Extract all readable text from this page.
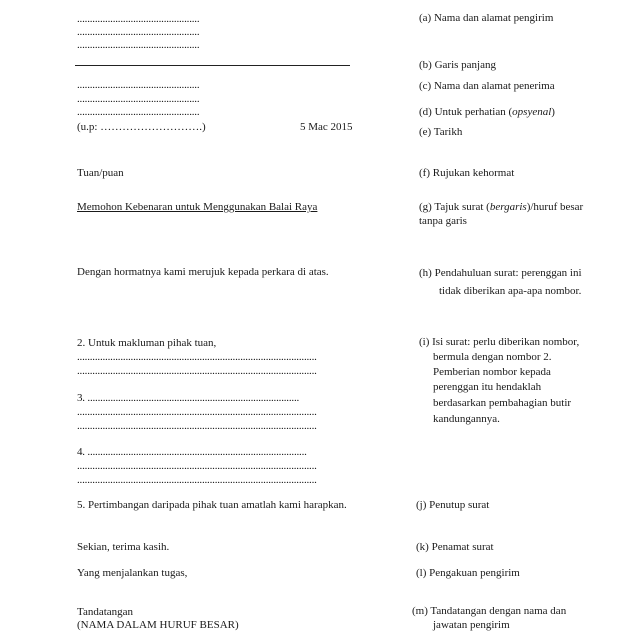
................................................
................................................
................................................
................................................
................................................
................................................
(u.p: ……………………….)	5 Mac 2015
Tuan/puan
Memohon Kebenaran untuk Menggunakan Balai Raya
Dengan hormatnya kami merujuk kepada perkara di atas.
2. Untuk makluman pihak tuan,
..............................................................................................
..............................................................................................
3. ...................................................................................
..............................................................................................
..............................................................................................
4. ......................................................................................
..............................................................................................
..............................................................................................
5. Pertimbangan daripada pihak tuan amatlah kami harapkan.
Sekian, terima kasih.
Yang menjalankan tugas,
Tandatangan
(NAMA DALAM HURUF BESAR)
(a) Nama dan alamat pengirim
(b) Garis panjang
(c) Nama dan alamat penerima
(d) Untuk perhatian (opsyenal)
(e) Tarikh
(f) Rujukan kehormat
(g) Tajuk surat (bergaris)/huruf besar
tanpa garis
(h) Pendahuluan surat: perenggan ini
tidak diberikan apa-apa nombor.
(i) Isi surat: perlu diberikan nombor,
bermula dengan nombor 2.
Pemberian nombor kepada
perenggan itu hendaklah
berdasarkan pembahagian butir
kandungannya.
(j) Penutup surat
(k) Penamat surat
(l) Pengakuan pengirim
(m) Tandatangan dengan nama dan
jawatan pengirim
